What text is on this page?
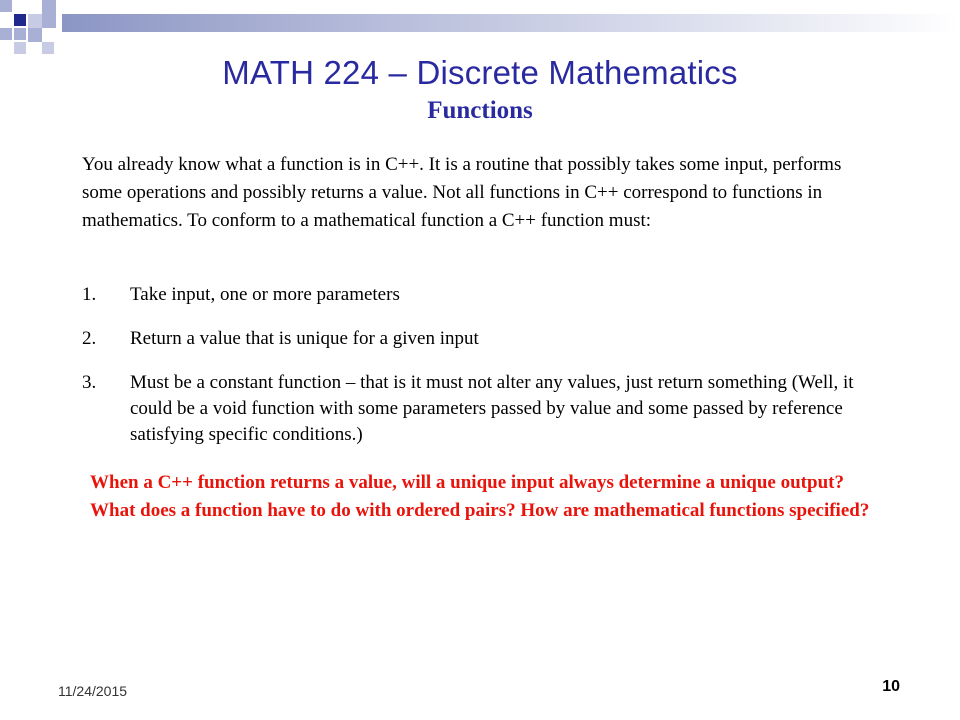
MATH 224 – Discrete Mathematics
Functions
You already know what a function is in C++. It is a routine that possibly takes some input, performs some operations and possibly returns a value. Not all functions in C++ correspond to functions in mathematics. To conform to a mathematical function a C++ function must:
1. Take input, one or more parameters
2. Return a value that is unique for a given input
3. Must be a constant function – that is it must not alter any values, just return something (Well, it could be a void function with some parameters passed by value and some passed by reference satisfying specific conditions.)
When a C++ function returns a value, will a unique input always determine a unique output? What does a function have to do with ordered pairs? How are mathematical functions specified?
11/24/2015	10
